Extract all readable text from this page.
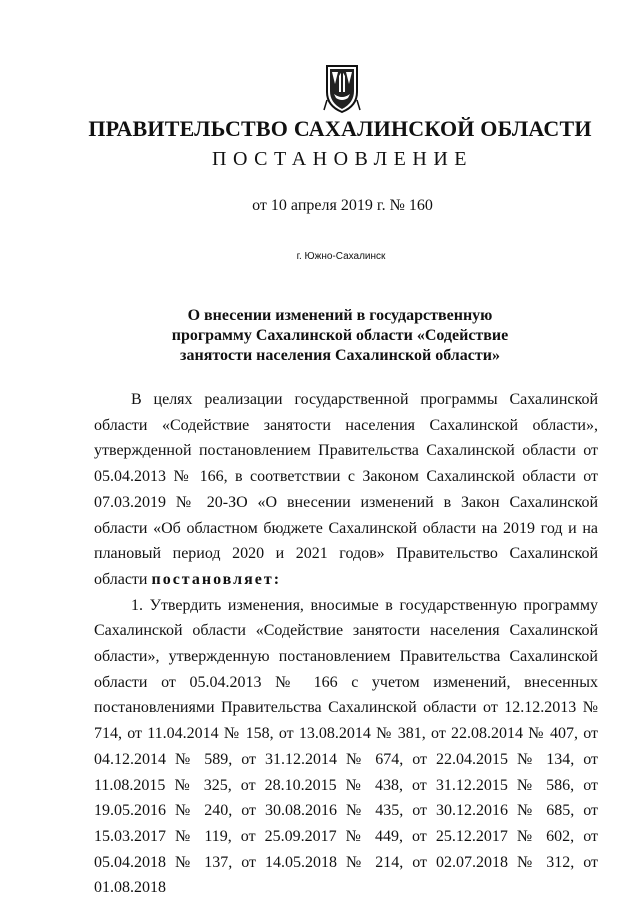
ПРАВИТЕЛЬСТВО САХАЛИНСКОЙ ОБЛАСТИ
ПОСТАНОВЛЕНИЕ
от 10 апреля 2019 г. № 160
г. Южно-Сахалинск
О внесении изменений в государственную
программу Сахалинской области «Содействие
занятости населения Сахалинской области»

В целях реализации государственной программы Сахалинской области «Содействие занятости населения Сахалинской области», утвержденной постановлением Правительства Сахалинской области от 05.04.2013 № 166, в соответствии с Законом Сахалинской области от 07.03.2019 № 20-ЗО «О внесении изменений в Закон Сахалинской области «Об областном бюджете Сахалинской области на 2019 год и на плановый период 2020 и 2021 годов» Правительство Сахалинской области постановляет:

1. Утвердить изменения, вносимые в государственную программу Сахалинской области «Содействие занятости населения Сахалинской области», утвержденную постановлением Правительства Сахалинской области от 05.04.2013 № 166 с учетом изменений, внесенных постановлениями Правительства Сахалинской области от 12.12.2013 № 714, от 11.04.2014 № 158, от 13.08.2014 № 381, от 22.08.2014 № 407, от 04.12.2014 № 589, от 31.12.2014 № 674, от 22.04.2015 № 134, от 11.08.2015 № 325, от 28.10.2015 № 438, от 31.12.2015 № 586, от 19.05.2016 № 240, от 30.08.2016 № 435, от 30.12.2016 № 685, от 15.03.2017 № 119, от 25.09.2017 № 449, от 25.12.2017 № 602, от 05.04.2018 № 137, от 14.05.2018 № 214, от 02.07.2018 № 312, от 01.08.2018
